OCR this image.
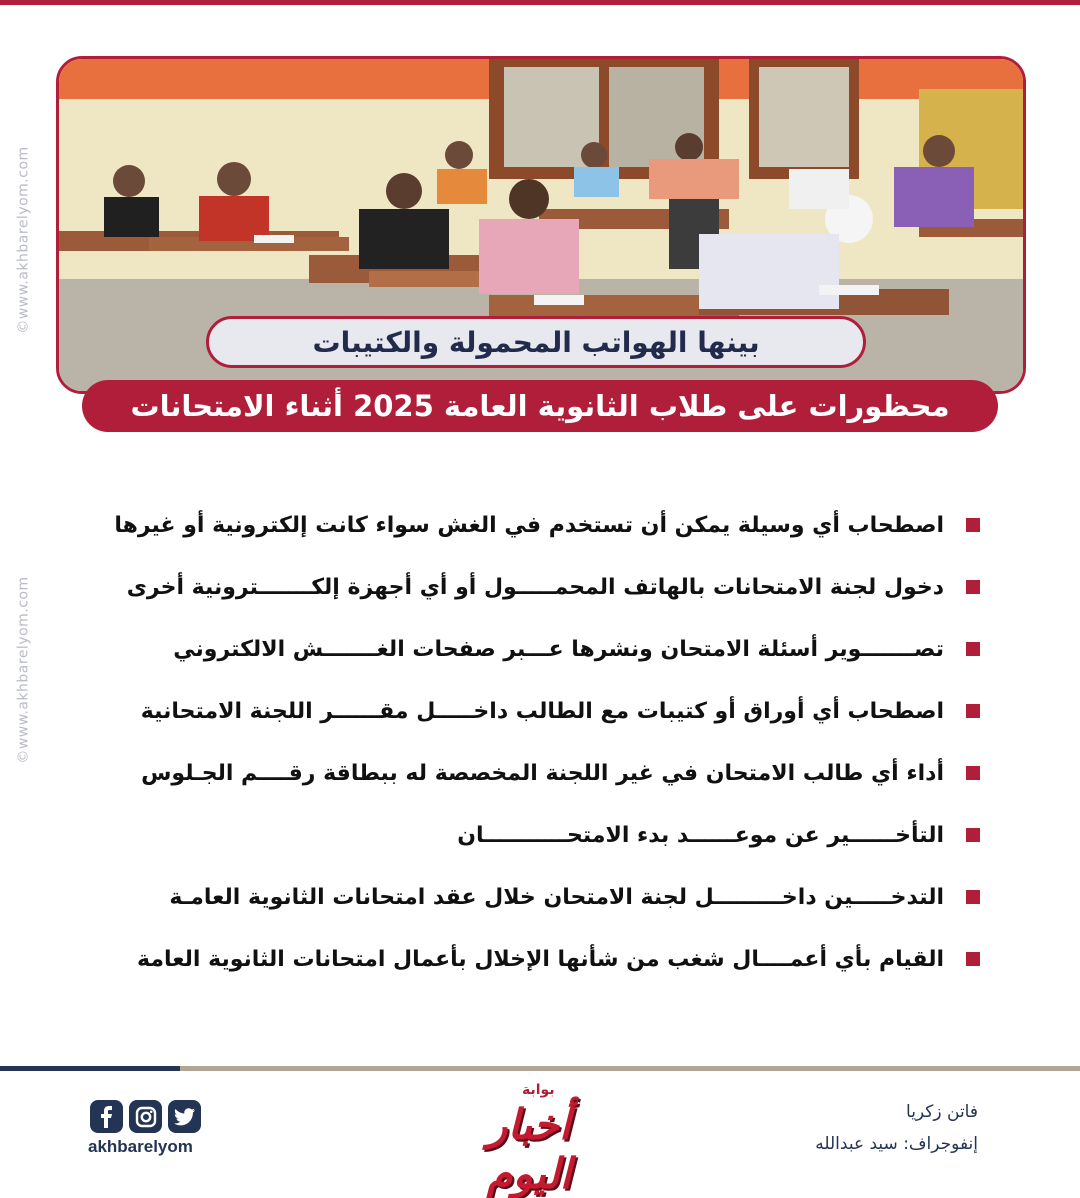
©www.akhbarelyom.com
©www.akhbarelyom.com
بينها الهواتب المحمولة والكتيبات
محظورات على طلاب الثانوية العامة 2025 أثناء الامتحانات
اصطحاب أي وسيلة يمكن أن تستخدم في الغش سواء كانت إلكترونية أو غيرها
دخول لجنة الامتحانات بالهاتف المحمـــــول أو أي أجهزة إلكـــــــترونية أخرى
تصـــــــوير أسئلة الامتحان ونشرها عـــبر صفحات الغـــــــش الالكتروني
اصطحاب أي أوراق أو كتيبات مع الطالب داخـــــل مقــــــر اللجنة الامتحانية
أداء أي طالب الامتحان في غير اللجنة المخصصة له ببطاقة رقــــم الجـلوس
التأخــــــير عن موعــــــد بدء الامتحـــــــــــان
التدخـــــين داخـــــــــل لجنة الامتحان خلال عقد امتحانات الثانوية العامـة
القيام بأي أعمــــال شغب من شأنها الإخلال بأعمال امتحانات الثانوية العامة
akhbarelyom
بوابة
أخبار اليوم
فاتن زكريا
إنفوجراف: سيد عبدالله
